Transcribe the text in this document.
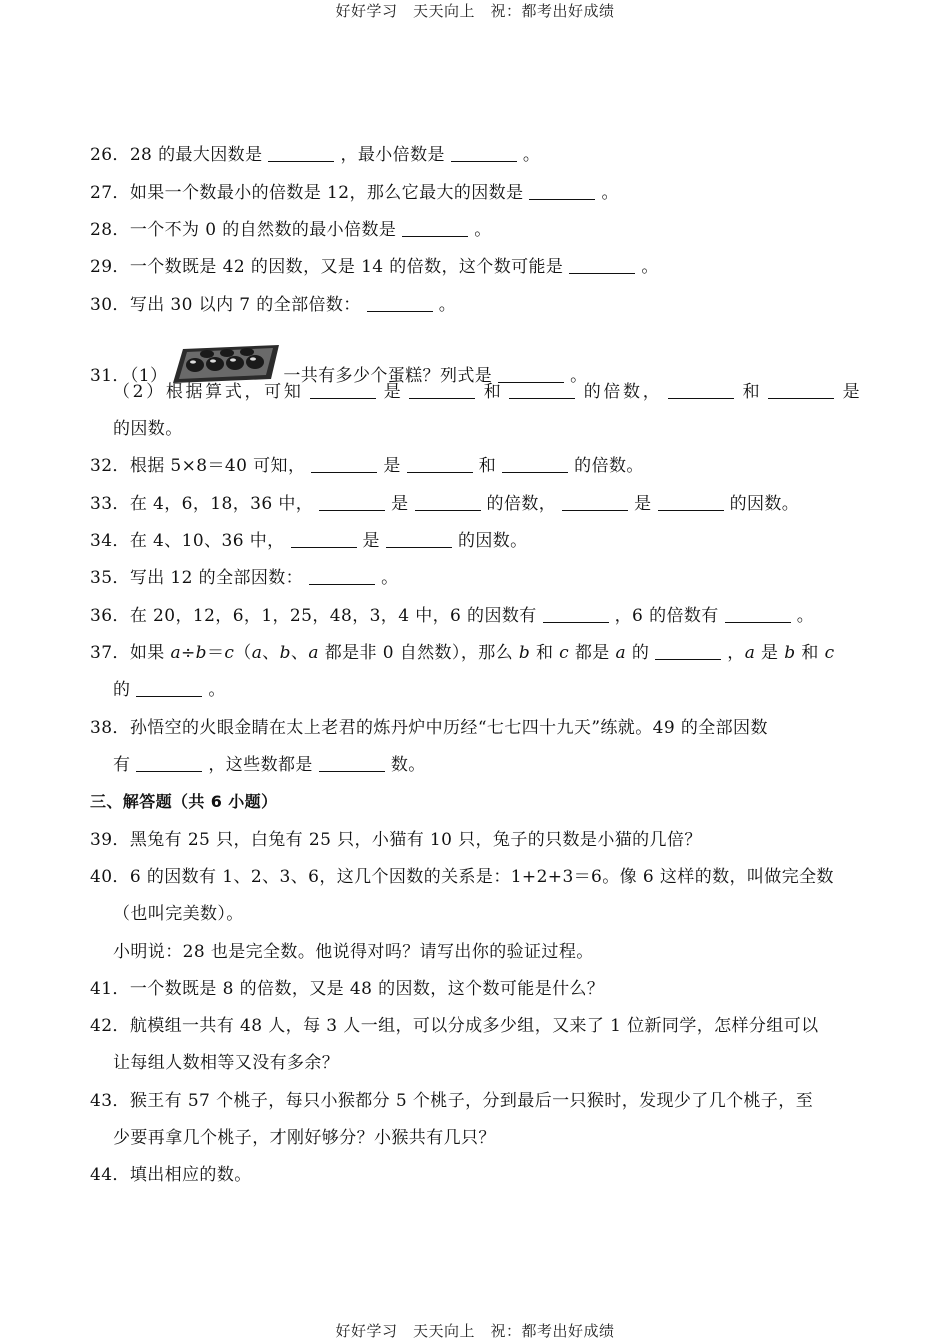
好好学习　天天向上　祝：都考出好成绩
26．28 的最大因数是	，最小倍数是	。
27．如果一个数最小的倍数是 12，那么它最大的因数是	。
28．一个不为 0 的自然数的最小倍数是	。
29．一个数既是 42 的因数，又是 14 的倍数，这个数可能是	。
30．写出 30 以内 7 的全部倍数：	。
31．（1）	一共有多少个蛋糕？列式是	。
（2）根据算式，可知	是	和	的倍数，	和	是
的因数。
32．根据 5×8＝40 可知，	是	和	的倍数。
33．在 4，6，18，36 中，	是	的倍数，	是	的因数。
34．在 4、10、36 中，	是	的因数。
35．写出 12 的全部因数：	。
36．在 20，12，6，1，25，48，3，4 中，6 的因数有	，6 的倍数有	。
37．如果 a÷b＝c（a、b、a 都是非 0 自然数），那么 b 和 c 都是 a 的	，a 是 b 和 c
的	。
38．孙悟空的火眼金睛在太上老君的炼丹炉中历经“七七四十九天”练就。49 的全部因数
有	，这些数都是	数。
三、解答题（共 6 小题）
39．黑兔有 25 只，白兔有 25 只，小猫有 10 只，兔子的只数是小猫的几倍？
40．6 的因数有 1、2、3、6，这几个因数的关系是：1+2+3＝6。像 6 这样的数，叫做完全数
（也叫完美数）。
小明说：28 也是完全数。他说得对吗？请写出你的验证过程。
41．一个数既是 8 的倍数，又是 48 的因数，这个数可能是什么？
42．航模组一共有 48 人，每 3 人一组，可以分成多少组，又来了 1 位新同学，怎样分组可以
让每组人数相等又没有多余？
43．猴王有 57 个桃子，每只小猴都分 5 个桃子，分到最后一只猴时，发现少了几个桃子，至
少要再拿几个桃子，才刚好够分？小猴共有几只？
44．填出相应的数。
好好学习　天天向上　祝：都考出好成绩
